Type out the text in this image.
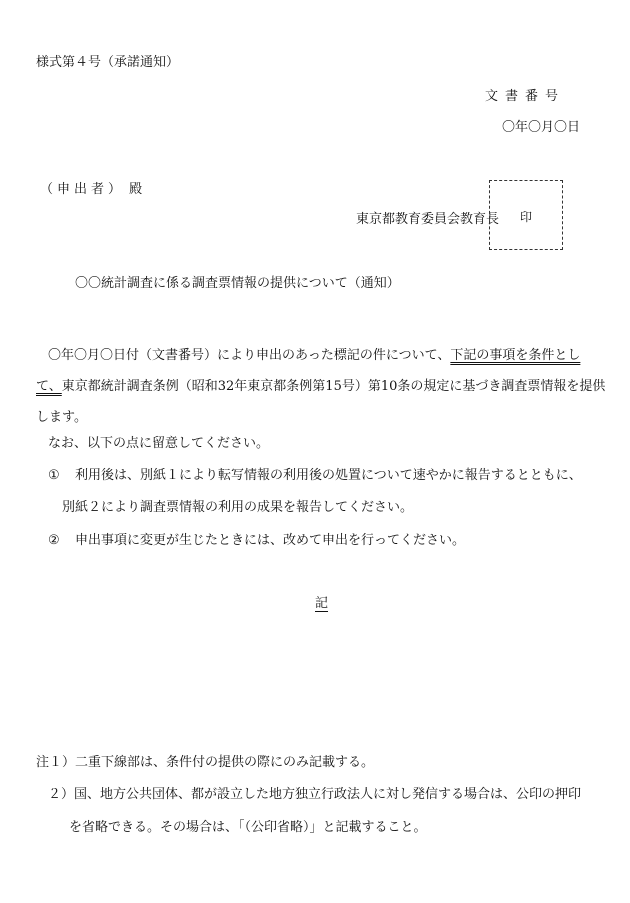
様式第４号（承諾通知）
文書番号
〇年〇月〇日
（申出者） 殿
東京都教育委員会教育長 印
〇〇統計調査に係る調査票情報の提供について（通知）
〇年〇月〇日付（文書番号）により申出のあった標記の件について、下記の事項を条件として、東京都統計調査条例（昭和32年東京都条例第15号）第10条の規定に基づき調査票情報を提供します。
なお、以下の点に留意してください。
① 利用後は、別紙１により転写情報の利用後の処置について速やかに報告するとともに、
別紙２により調査票情報の利用の成果を報告してください。
② 申出事項に変更が生じたときには、改めて申出を行ってください。
記
注１）二重下線部は、条件付の提供の際にのみ記載する。
２）国、地方公共団体、都が設立した地方独立行政法人に対し発信する場合は、公印の押印
を省略できる。その場合は、「（公印省略）」と記載すること。
